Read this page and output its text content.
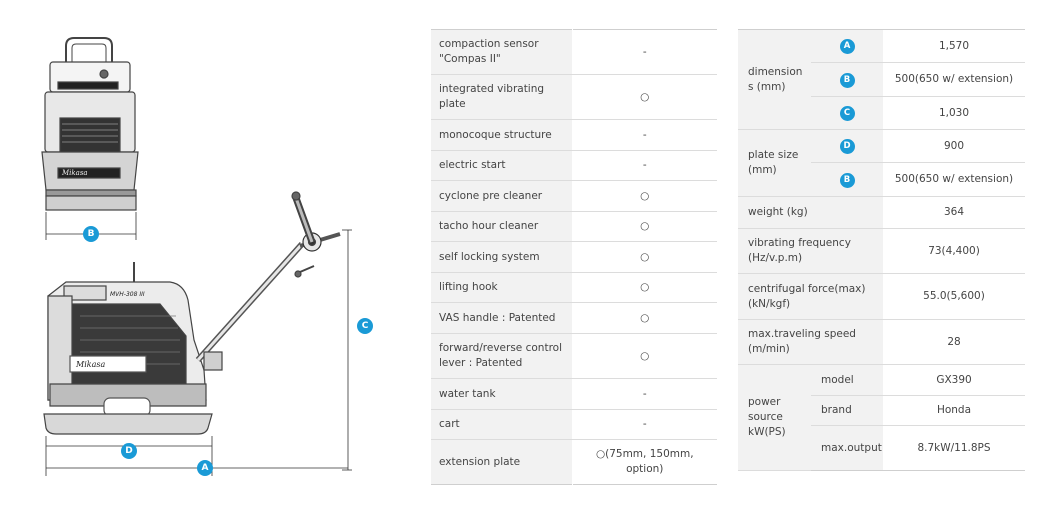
Mikasa
Mikasa
MVH-308 III
B
C
D
A
compaction sensor "Compas II"	-
integrated vibrating plate	○
monocoque structure	-
electric start	-
cyclone pre cleaner	○
tacho hour cleaner	○
self locking system	○
lifting hook	○
VAS handle : Patented	○
forward/reverse control lever : Patented	○
water tank	-
cart	-
extension plate	○(75mm, 150mm, option)
dimension s (mm)	A	1,570
	B	500(650 w/ extension)
	C	1,030
plate size (mm)	D	900
	B	500(650 w/ extension)
weight (kg)		364
vibrating frequency (Hz/v.p.m)		73(4,400)
centrifugal force(max) (kN/kgf)		55.0(5,600)
max.traveling speed (m/min)		28
power source kW(PS)	model	GX390
	brand	Honda
	max.output	8.7kW/11.8PS
